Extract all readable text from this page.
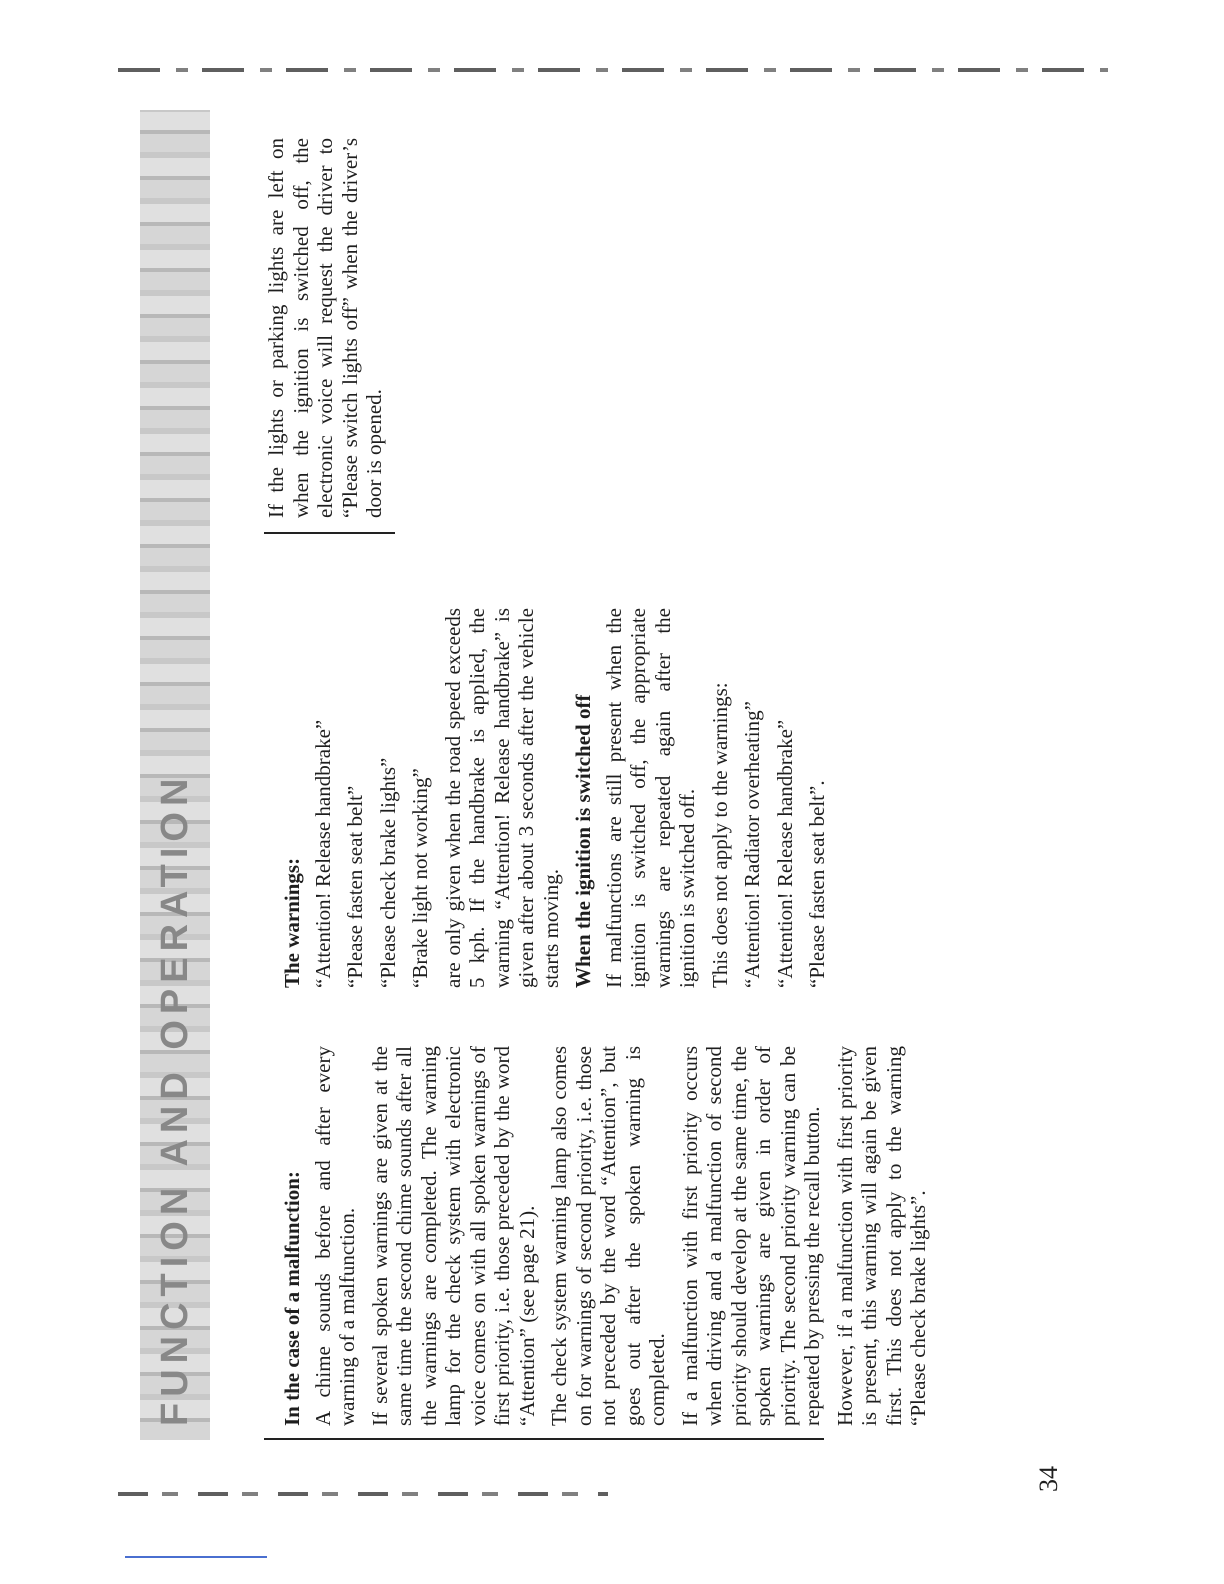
FUNCTION AND OPERATION	In the case of a malfunction: A chime sounds before and after every warning of a malfunction. If several spoken warnings are given at the same time the second chime sounds after all the warnings are completed. The warning lamp for the check system with electronic voice comes on with all spoken warnings of first priority, i.e. those preceded by the word “Attention” (see page 21). The check system warning lamp also comes on for warnings of second priority, i.e. those not preceded by the word “Attention”, but goes out after the spoken warning is completed. If a malfunction with first priority occurs when driving and a malfunction of second priority should develop at the same time, the spoken warnings are given in order of priority. The second priority warning can be repeated by pressing the recall button. However, if a malfunction with first priority is present, this warning will again be given first. This does not apply to the warning “Please check brake lights”.

The warnings: “Attention! Release handbrake” “Please fasten seat belt” “Please check brake lights” “Brake light not working” are only given when the road speed exceeds 5 kph. If the handbrake is applied, the warning “Attention! Release handbrake” is given after about 3 seconds after the vehicle starts moving. When the ignition is switched off If malfunctions are still present when the ignition is switched off, the appropriate warnings are repeated again after the ignition is switched off. This does not apply to the warnings: “Attention! Radiator overheating” “Attention! Release handbrake” “Please fasten seat belt”.

If the lights or parking lights are left on when the ignition is switched off, the electronic voice will request the driver to “Please switch lights off” when the driver’s door is opened.

34
